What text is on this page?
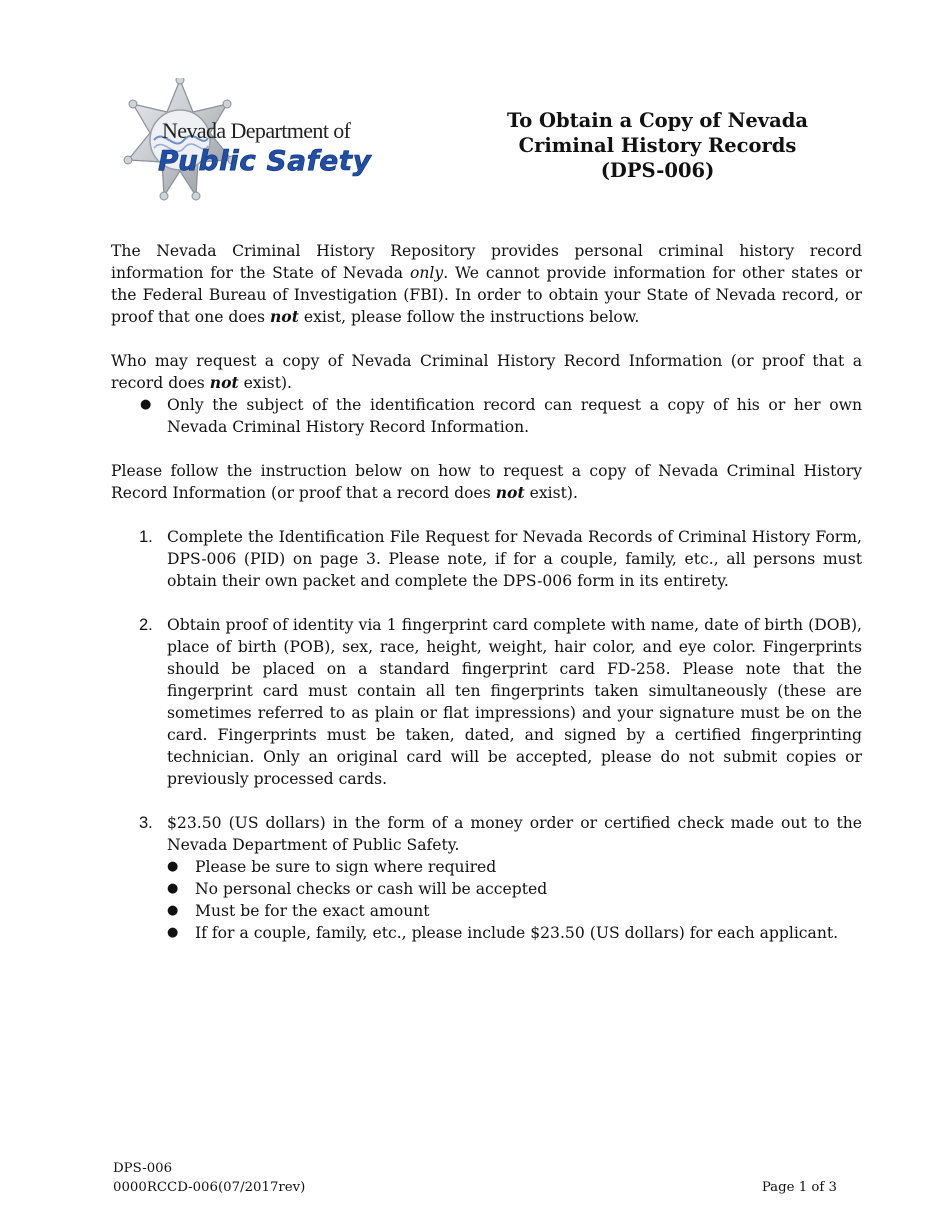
Nevada Department of
Public Safety
To Obtain a Copy of Nevada
Criminal History Records
(DPS-006)

The Nevada Criminal History Repository provides personal criminal history record information for the State of Nevada only. We cannot provide information for other states or the Federal Bureau of Investigation (FBI). In order to obtain your State of Nevada record, or proof that one does not exist, please follow the instructions below.

Who may request a copy of Nevada Criminal History Record Information (or proof that a record does not exist).

●	Only the subject of the identification record can request a copy of his or her own Nevada Criminal History Record Information.

Please follow the instruction below on how to request a copy of Nevada Criminal History Record Information (or proof that a record does not exist).

1. Complete the Identification File Request for Nevada Records of Criminal History Form, DPS-006 (PID) on page 3. Please note, if for a couple, family, etc., all persons must obtain their own packet and complete the DPS-006 form in its entirety.
2. Obtain proof of identity via 1 fingerprint card complete with name, date of birth (DOB), place of birth (POB), sex, race, height, weight, hair color, and eye color. Fingerprints should be placed on a standard fingerprint card FD-258. Please note that the fingerprint card must contain all ten fingerprints taken simultaneously (these are sometimes referred to as plain or flat impressions) and your signature must be on the card. Fingerprints must be taken, dated, and signed by a certified fingerprinting technician. Only an original card will be accepted, please do not submit copies or previously processed cards.
3. $23.50 (US dollars) in the form of a money order or certified check made out to the Nevada Department of Public Safety.
●	Please be sure to sign where required
●	No personal checks or cash will be accepted
●	Must be for the exact amount
●	If for a couple, family, etc., please include $23.50 (US dollars) for each applicant.
DPS-006
0000RCCD-006(07/2017rev)	Page 1 of 3
